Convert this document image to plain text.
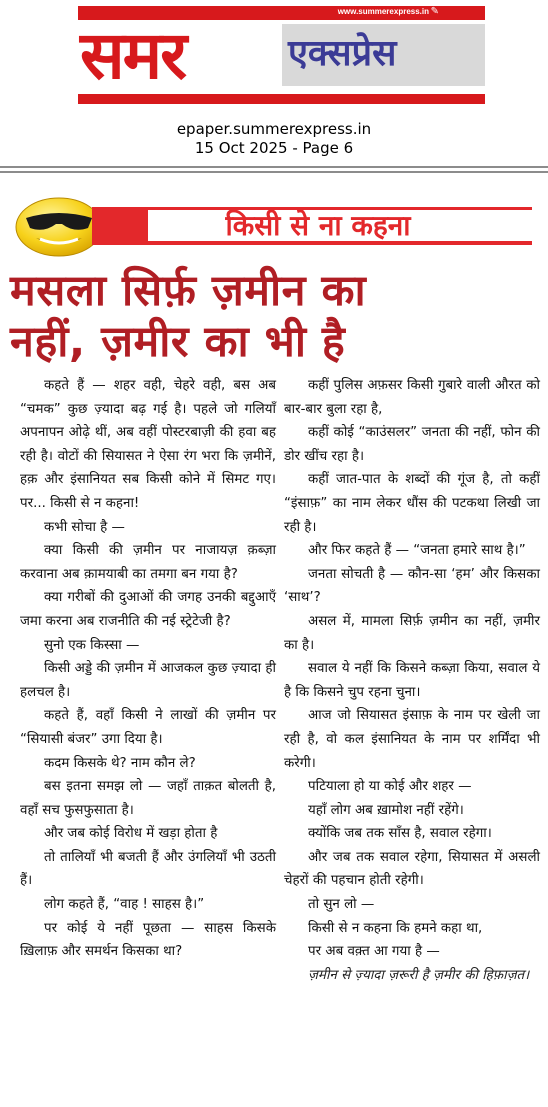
www.summerexpress.in ✎
समर	एक्सप्रेस
epaper.summerexpress.in
15 Oct 2025 - Page 6
किसी से ना कहना
मसला सिर्फ़ ज़मीन का
नहीं, ज़मीर का भी है

कहते हैं — शहर वही, चेहरे वही, बस अब “चमक” कुछ ज़्यादा बढ़ गई है। पहले जो गलियाँ अपनापन ओढ़े थीं, अब वहीं पोस्टरबाज़ी की हवा बह रही है। वोटों की सियासत ने ऐसा रंग भरा कि ज़मीनें, हक़ और इंसानियत सब किसी कोने में सिमट गए। पर... किसी से न कहना!

कभी सोचा है —

क्या किसी की ज़मीन पर नाजायज़ क़ब्ज़ा करवाना अब क़ामयाबी का तमगा बन गया है?

क्या गरीबों की दुआओं की जगह उनकी बद्दुआएँ जमा करना अब राजनीति की नई स्ट्रेटेजी है?

सुनो एक किस्सा —

किसी अड्डे की ज़मीन में आजकल कुछ ज़्यादा ही हलचल है।

कहते हैं, वहाँ किसी ने लाखों की ज़मीन पर “सियासी बंजर” उगा दिया है।

कदम किसके थे? नाम कौन ले?

बस इतना समझ लो — जहाँ ताक़त बोलती है, वहाँ सच फुसफुसाता है।

और जब कोई विरोध में खड़ा होता है

तो तालियाँ भी बजती हैं और उंगलियाँ भी उठती हैं।

लोग कहते हैं, “वाह ! साहस है।”

पर कोई ये नहीं पूछता — साहस किसके ख़िलाफ़ और समर्थन किसका था?

कहीं पुलिस अफ़सर किसी गुबारे वाली औरत को बार-बार बुला रहा है,

कहीं कोई “काउंसलर” जनता की नहीं, फोन की डोर खींच रहा है।

कहीं जात-पात के शब्दों की गूंज है, तो कहीं “इंसाफ़” का नाम लेकर धौंस की पटकथा लिखी जा रही है।

और फिर कहते हैं — “जनता हमारे साथ है।”

जनता सोचती है — कौन-सा ‘हम’ और किसका ‘साथ’?

असल में, मामला सिर्फ़ ज़मीन का नहीं, ज़मीर का है।

सवाल ये नहीं कि किसने कब्ज़ा किया, सवाल ये है कि किसने चुप रहना चुना।

आज जो सियासत इंसाफ़ के नाम पर खेली जा रही है, वो कल इंसानियत के नाम पर शर्मिंदा भी करेगी।

पटियाला हो या कोई और शहर —

यहाँ लोग अब ख़ामोश नहीं रहेंगे।

क्योंकि जब तक साँस है, सवाल रहेगा।

और जब तक सवाल रहेगा, सियासत में असली चेहरों की पहचान होती रहेगी।

तो सुन लो —

किसी से न कहना कि हमने कहा था,

पर अब वक़्त आ गया है —

ज़मीन से ज़्यादा ज़रूरी है ज़मीर की हिफ़ाज़त।
